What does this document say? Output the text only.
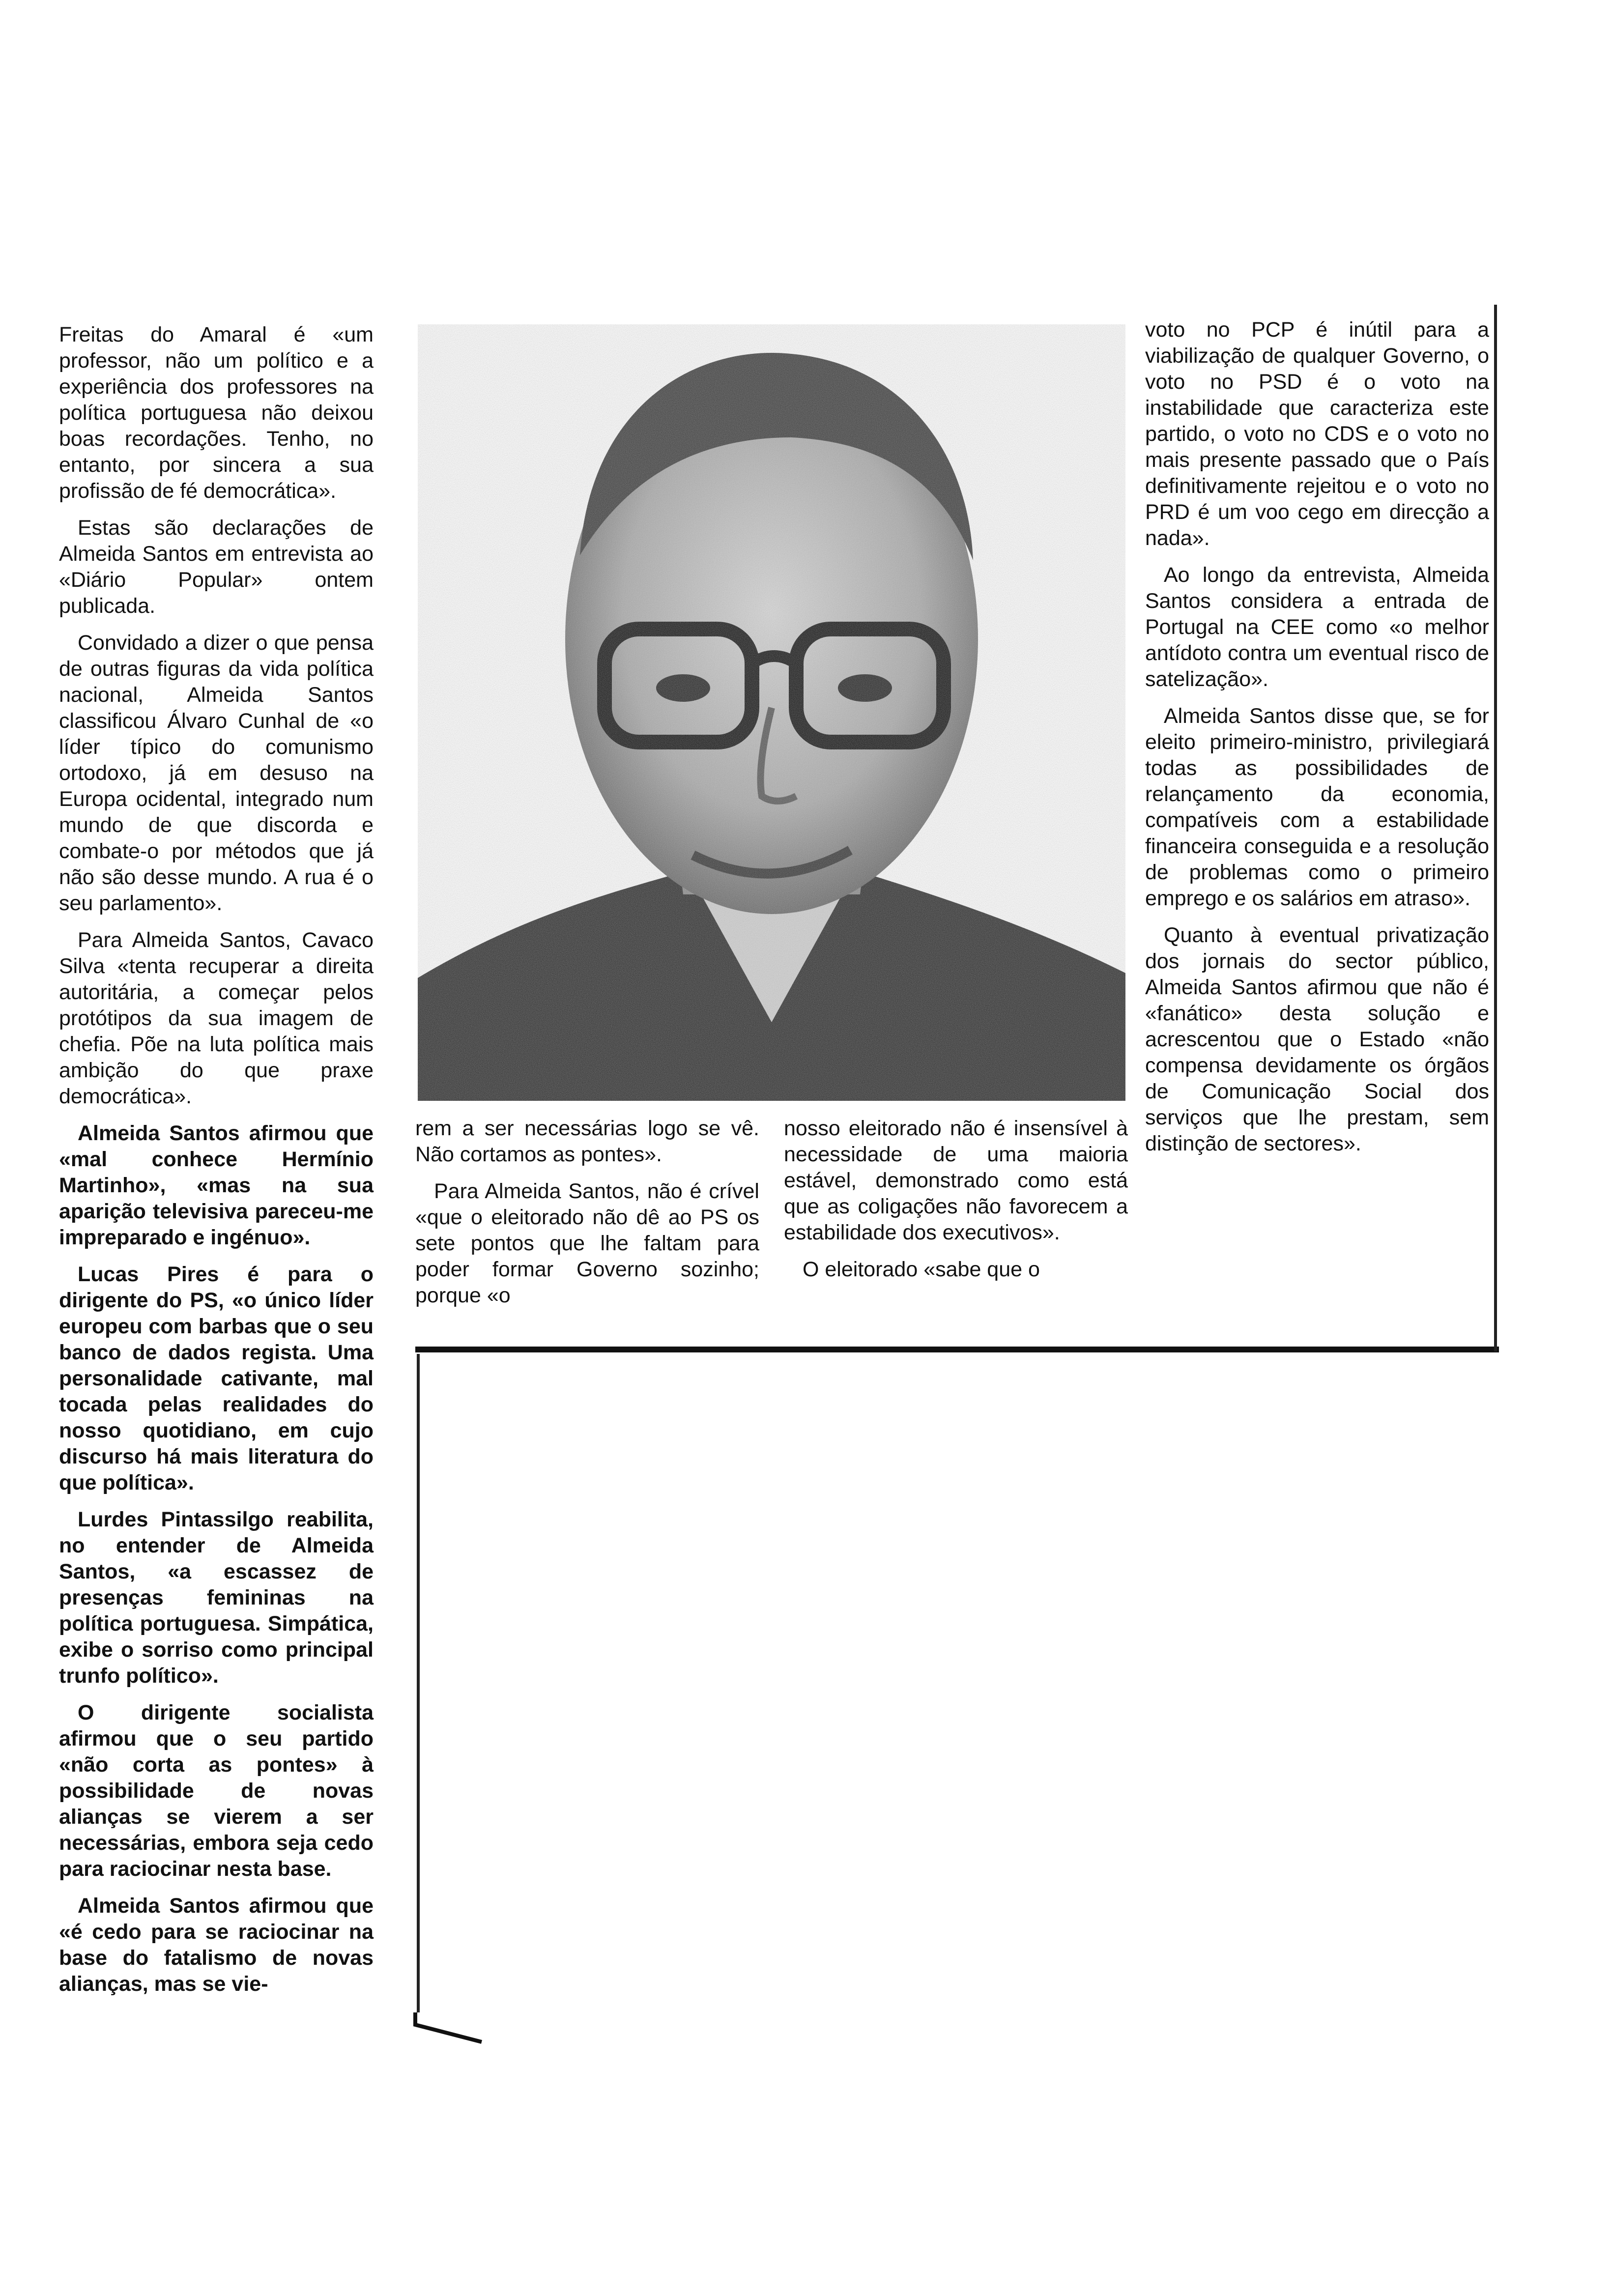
Freitas do Amaral é «um professor, não um político e a experiência dos professores na política portuguesa não deixou boas recordações. Tenho, no entanto, por sincera a sua profissão de fé democrática».

Estas são declarações de Almeida Santos em entrevista ao «Diário Popular» ontem publicada.

Convidado a dizer o que pensa de outras figuras da vida política nacional, Almeida Santos classificou Álvaro Cunhal de «o líder típico do comunismo ortodoxo, já em desuso na Europa ocidental, integrado num mundo de que discorda e combate-o por métodos que já não são desse mundo. A rua é o seu parlamento».

Para Almeida Santos, Cavaco Silva «tenta recuperar a direita autoritária, a começar pelos protótipos da sua imagem de chefia. Põe na luta política mais ambição do que praxe democrática».

Almeida Santos afirmou que «mal conhece Hermínio Martinho», «mas na sua aparição televisiva pareceu-me impreparado e ingénuo».

Lucas Pires é para o dirigente do PS, «o único líder europeu com barbas que o seu banco de dados regista. Uma personalidade cativante, mal tocada pelas realidades do nosso quotidiano, em cujo discurso há mais literatura do que política».

Lurdes Pintassilgo reabilita, no entender de Almeida Santos, «a escassez de presenças femininas na política portuguesa. Simpática, exibe o sorriso como principal trunfo político».

O dirigente socialista afirmou que o seu partido «não corta as pontes» à possibilidade de novas alianças se vierem a ser necessárias, embora seja cedo para raciocinar nesta base.

Almeida Santos afirmou que «é cedo para se raciocinar na base do fatalismo de novas alianças, mas se vie-

rem a ser necessárias logo se vê. Não cortamos as pontes».

Para Almeida Santos, não é crível «que o eleitorado não dê ao PS os sete pontos que lhe faltam para poder formar Governo sozinho; porque «o

nosso eleitorado não é insensível à necessidade de uma maioria estável, demonstrado como está que as coligações não favorecem a estabilidade dos executivos».

O eleitorado «sabe que o

voto no PCP é inútil para a viabilização de qualquer Governo, o voto no PSD é o voto na instabilidade que caracteriza este partido, o voto no CDS e o voto no mais presente passado que o País definitivamente rejeitou e o voto no PRD é um voo cego em direcção a nada».

Ao longo da entrevista, Almeida Santos considera a entrada de Portugal na CEE como «o melhor antídoto contra um eventual risco de satelização».

Almeida Santos disse que, se for eleito primeiro-ministro, privilegiará todas as possibilidades de relançamento da economia, compatíveis com a estabilidade financeira conseguida e a resolução de problemas como o primeiro emprego e os salários em atraso».

Quanto à eventual privatização dos jornais do sector público, Almeida Santos afirmou que não é «fanático» desta solução e acrescentou que o Estado «não compensa devidamente os órgãos de Comunicação Social dos serviços que lhe prestam, sem distinção de sectores».
